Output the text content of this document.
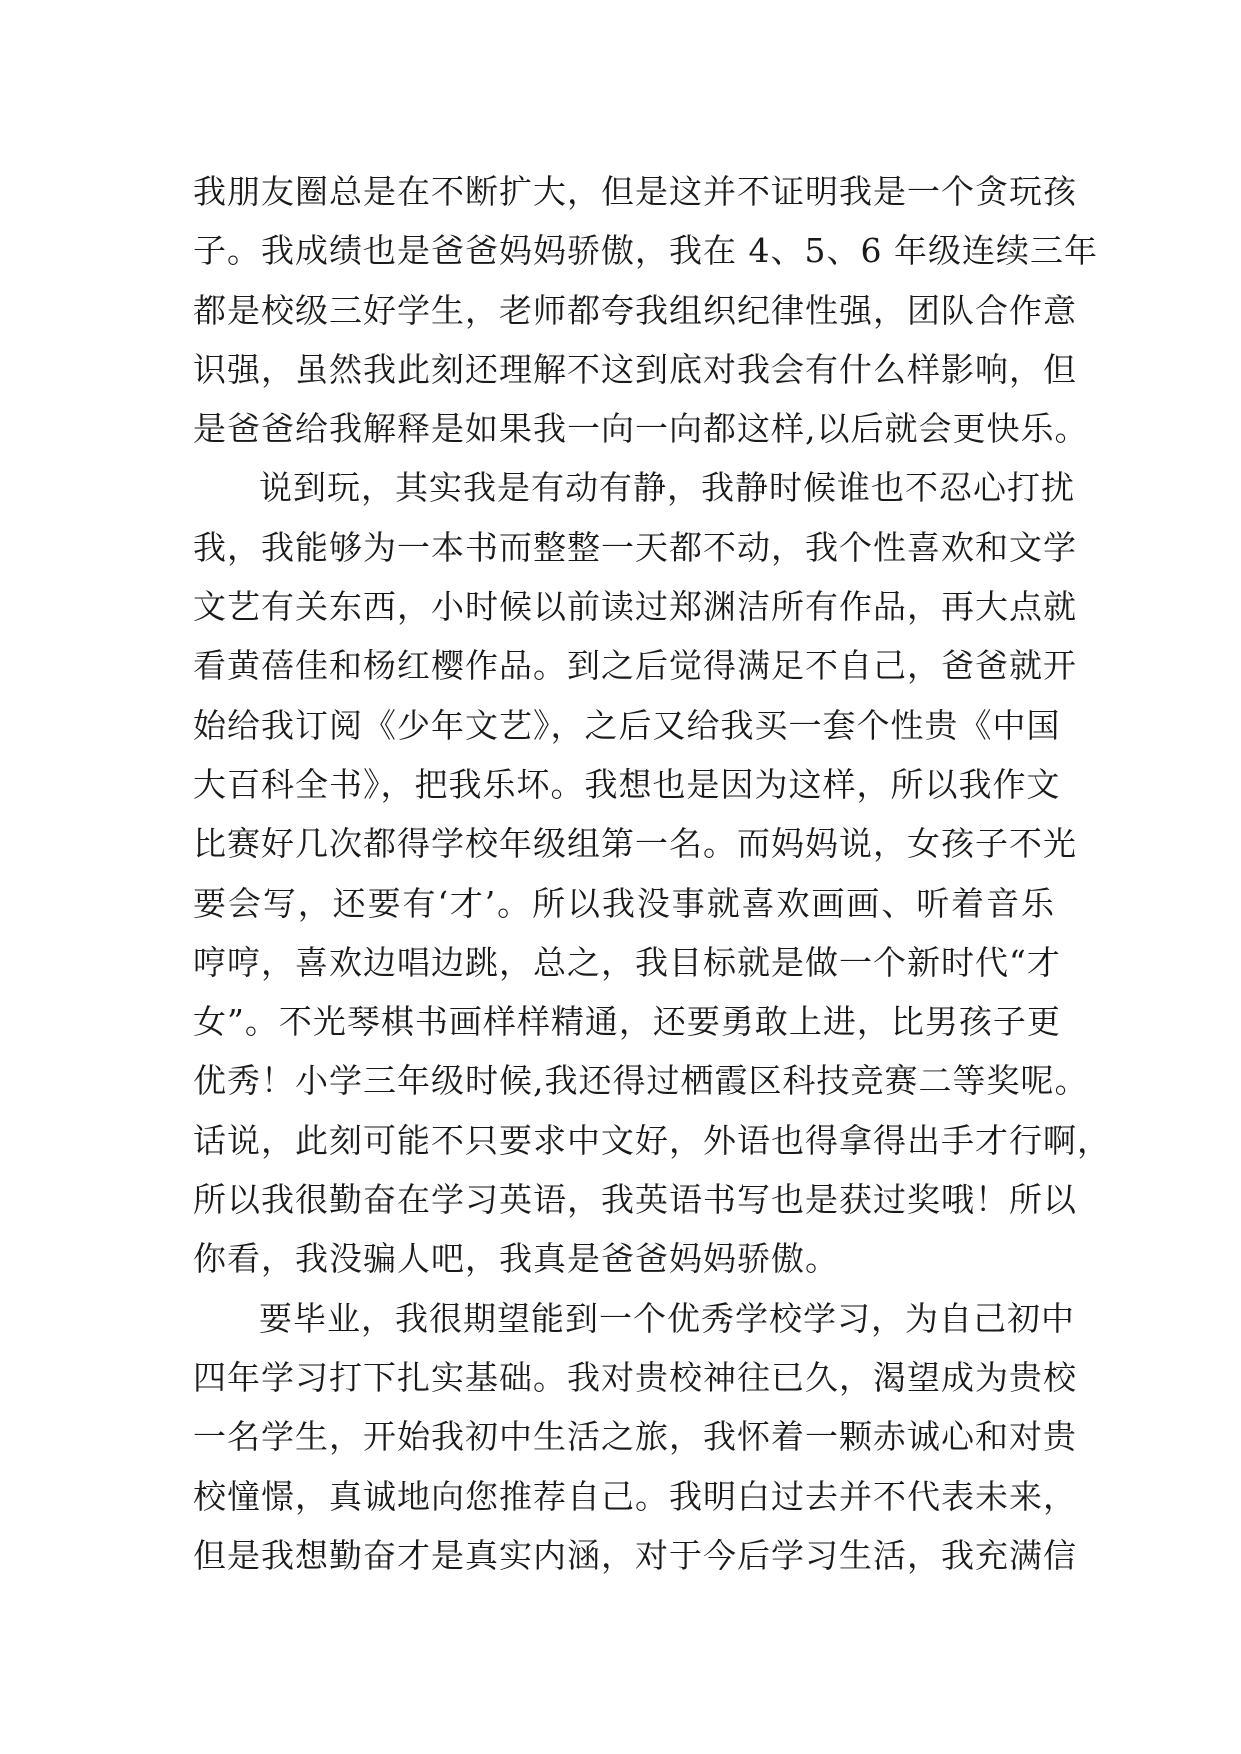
我朋友圈总是在不断扩大，但是这并不证明我是一个贪玩孩
子。我成绩也是爸爸妈妈骄傲，我在 4、5、6 年级连续三年
都是校级三好学生，老师都夸我组织纪律性强，团队合作意
识强，虽然我此刻还理解不这到底对我会有什么样影响，但
是爸爸给我解释是如果我一向一向都这样,以后就会更快乐。
说到玩，其实我是有动有静，我静时候谁也不忍心打扰
我，我能够为一本书而整整一天都不动，我个性喜欢和文学
文艺有关东西，小时候以前读过郑渊洁所有作品，再大点就
看黄蓓佳和杨红樱作品。到之后觉得满足不自己，爸爸就开
始给我订阅《少年文艺》，之后又给我买一套个性贵《中国
大百科全书》，把我乐坏。我想也是因为这样，所以我作文
比赛好几次都得学校年级组第一名。而妈妈说，女孩子不光
要会写，还要有‘才’。所以我没事就喜欢画画、听着音乐
哼哼，喜欢边唱边跳，总之，我目标就是做一个新时代“才
女”。不光琴棋书画样样精通，还要勇敢上进，比男孩子更
优秀！小学三年级时候,我还得过栖霞区科技竞赛二等奖呢。
话说，此刻可能不只要求中文好，外语也得拿得出手才行啊，
所以我很勤奋在学习英语，我英语书写也是获过奖哦！所以
你看，我没骗人吧，我真是爸爸妈妈骄傲。
要毕业，我很期望能到一个优秀学校学习，为自己初中
四年学习打下扎实基础。我对贵校神往已久，渴望成为贵校
一名学生，开始我初中生活之旅，我怀着一颗赤诚心和对贵
校憧憬，真诚地向您推荐自己。我明白过去并不代表未来，
但是我想勤奋才是真实内涵，对于今后学习生活，我充满信
